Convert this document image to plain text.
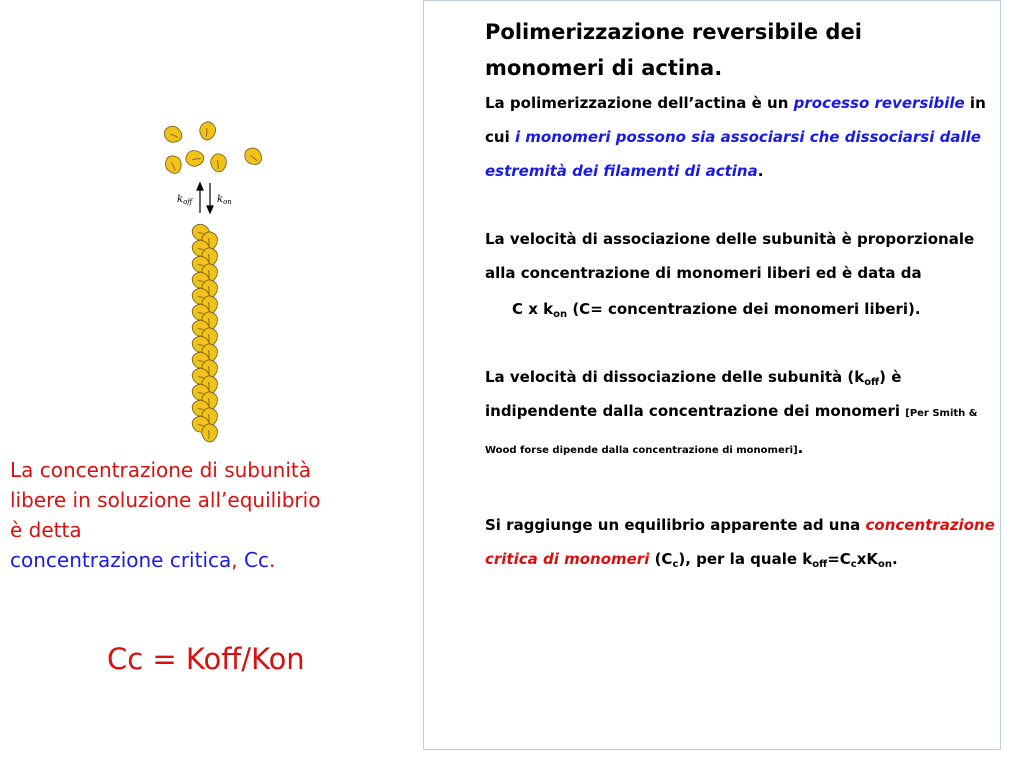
Polimerizzazione reversibile dei
monomeri di actina.

La polimerizzazione dell’actina è un processo reversibile in cui i monomeri possono sia associarsi che dissociarsi dalle estremità dei filamenti di actina.

La velocità di associazione delle subunità è proporzionale alla concentrazione di monomeri liberi ed è data da

C x $k_{on}$ (C= concentrazione dei monomeri liberi).

La velocità di dissociazione delle subunità $(k_{off})$ è indipendente dalla concentrazione dei monomeri [Per Smith & Wood forse dipende dalla concentrazione di monomeri].

Si raggiunge un equilibrio apparente ad una concentrazione critica di monomeri $(C_c)$, per la quale $k_{off}=C_cxK_{on}$.

$k_{off}$ $k_{on}$
La concentrazione di subunità
libere in soluzione all’equilibrio
è detta
concentrazione critica, Cc.
Cc = Koff/Kon
